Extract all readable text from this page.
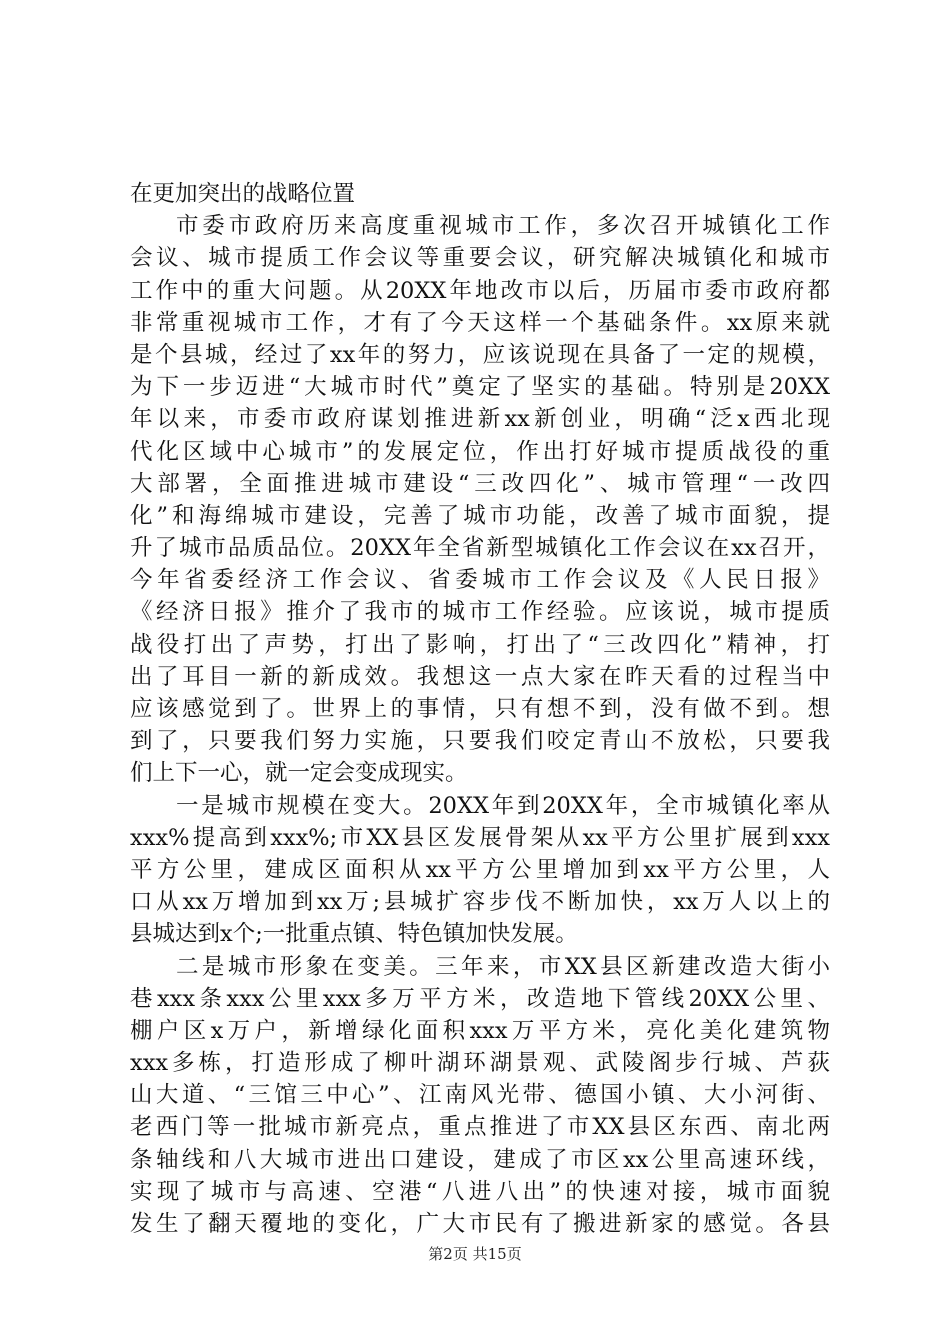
在更加突出的战略位置
市委市政府历来高度重视城市工作，多次召开城镇化工作
会议、城市提质工作会议等重要会议，研究解决城镇化和城市
工作中的重大问题。从20XX年地改市以后，历届市委市政府都
非常重视城市工作，才有了今天这样一个基础条件。xx原来就
是个县城，经过了xx年的努力，应该说现在具备了一定的规模，
为下一步迈进“大城市时代”奠定了坚实的基础。特别是20XX
年以来，市委市政府谋划推进新xx新创业，明确“泛x西北现
代化区域中心城市”的发展定位，作出打好城市提质战役的重
大部署，全面推进城市建设“三改四化”、城市管理“一改四
化”和海绵城市建设，完善了城市功能，改善了城市面貌，提
升了城市品质品位。20XX年全省新型城镇化工作会议在xx召开，
今年省委经济工作会议、省委城市工作会议及《人民日报》
《经济日报》推介了我市的城市工作经验。应该说，城市提质
战役打出了声势，打出了影响，打出了“三改四化”精神，打
出了耳目一新的新成效。我想这一点大家在昨天看的过程当中
应该感觉到了。世界上的事情，只有想不到，没有做不到。想
到了，只要我们努力实施，只要我们咬定青山不放松，只要我
们上下一心，就一定会变成现实。
一是城市规模在变大。20XX年到20XX年，全市城镇化率从
xxx%提高到xxx%;市XX县区发展骨架从xx平方公里扩展到xxx
平方公里，建成区面积从xx平方公里增加到xx平方公里，人
口从xx万增加到xx万;县城扩容步伐不断加快，xx万人以上的
县城达到x个;一批重点镇、特色镇加快发展。
二是城市形象在变美。三年来，市XX县区新建改造大街小
巷xxx条xxx公里xxx多万平方米，改造地下管线20XX公里、
棚户区x万户，新增绿化面积xxx万平方米，亮化美化建筑物
xxx多栋，打造形成了柳叶湖环湖景观、武陵阁步行城、芦荻
山大道、“三馆三中心”、江南风光带、德国小镇、大小河街、
老西门等一批城市新亮点，重点推进了市XX县区东西、南北两
条轴线和八大城市进出口建设，建成了市区xx公里高速环线，
实现了城市与高速、空港“八进八出”的快速对接，城市面貌
发生了翻天覆地的变化，广大市民有了搬进新家的感觉。各县
第2页 共15页
